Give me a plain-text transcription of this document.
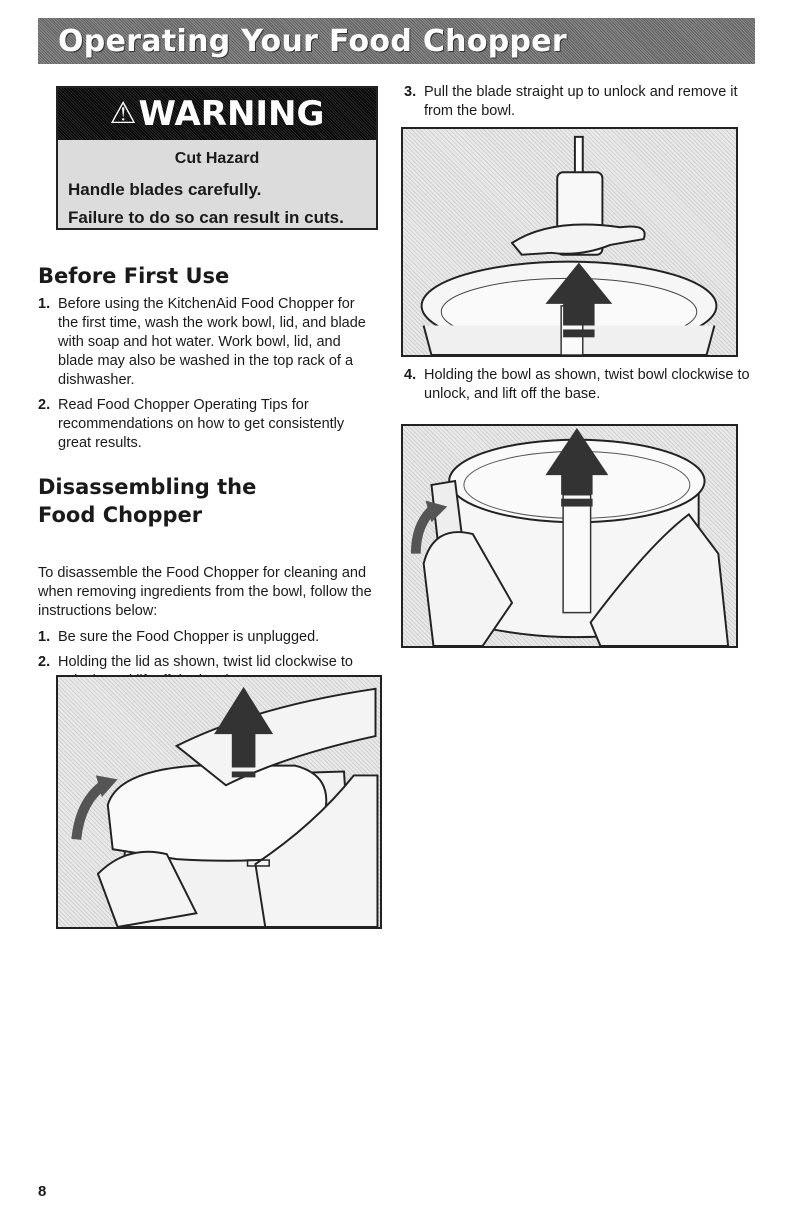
Operating Your Food Chopper
⚠WARNING
Cut Hazard
Handle blades carefully.
Failure to do so can result in cuts.
Before First Use
1. Before using the KitchenAid Food Chopper for the first time, wash the work bowl, lid, and blade with soap and hot water. Work bowl, lid, and blade may also be washed in the top rack of a dishwasher.
2. Read Food Chopper Operating Tips for recommendations on how to get consistently great results.
Disassembling the
Food Chopper

To disassemble the Food Chopper for cleaning and when removing ingredients from the bowl, follow the instructions below:

1. Be sure the Food Chopper is unplugged.
2. Holding the lid as shown, twist lid clockwise to
3. Pull the blade straight up to unlock and remove it from the bowl.
4. Holding the bowl as shown, twist bowl clockwise to unlock, and lift off the base.
8
